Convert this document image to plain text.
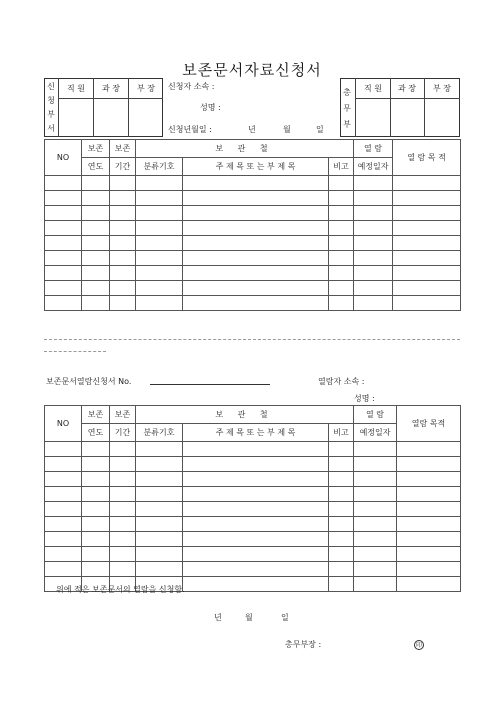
보존문서자료신청서
신
청
부
서
직 원	과 장	부 장	신청자 소속 :
성명 :
신청년월일 :	년	월	일
총
무
부
직 원	과 장	부 장
NO	보존	보존	보 관 철			열 람	열 람 목 적
	연도	기간	분류기호	주 제 목 또 는 부 제 목	비고	예정일자	

보존문서열람신청서 No.	열람자 소속 :
성명 :
NO	보존	보존	보 관 철			열 람	열람 목적
	연도	기간	분류기호	주 제 목 또 는 부 제 목	비고	예정일자	

위에 적은 보존문서의 열람을 신청함.
년	월	일
총무부장 :	印
